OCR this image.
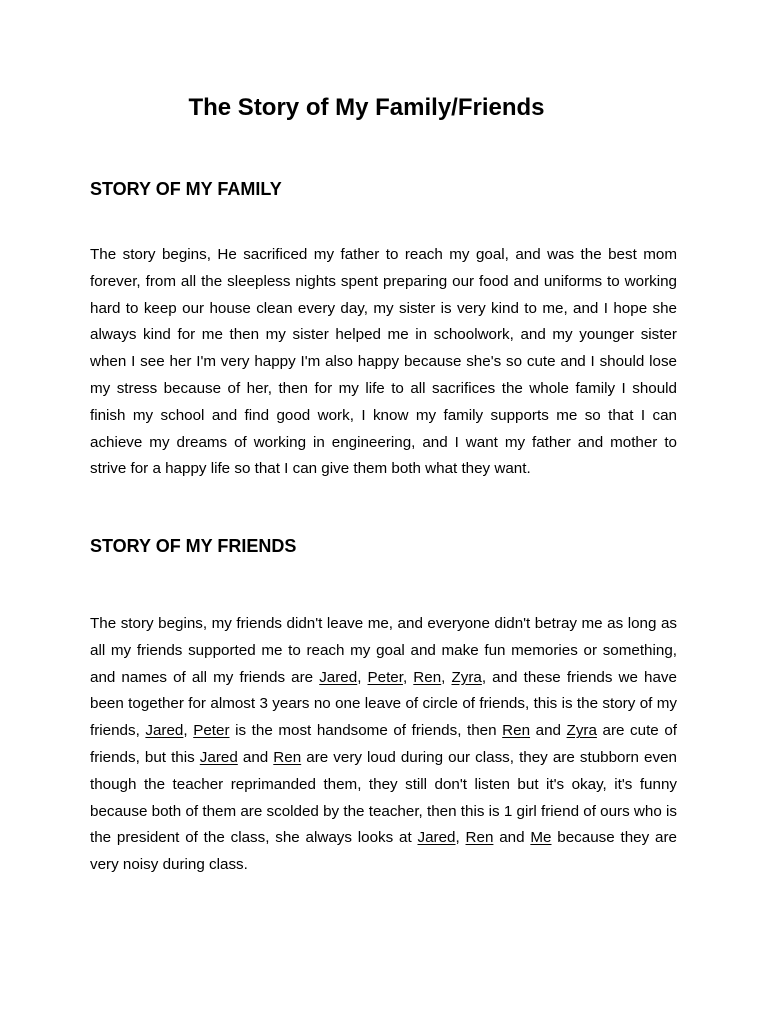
The Story of My Family/Friends
STORY OF MY FAMILY

The story begins, He sacrificed my father to reach my goal, and was the best mom forever, from all the sleepless nights spent preparing our food and uniforms to working hard to keep our house clean every day, my sister is very kind to me, and I hope she always kind for me then my sister helped me in schoolwork, and my younger sister when I see her I'm very happy I'm also happy because she's so cute and I should lose my stress because of her, then for my life to all sacrifices the whole family I should finish my school and find good work, I know my family supports me so that I can achieve my dreams of working in engineering, and I want my father and mother to strive for a happy life so that I can give them both what they want.

STORY OF MY FRIENDS

The story begins, my friends didn't leave me, and everyone didn't betray me as long as all my friends supported me to reach my goal and make fun memories or something, and names of all my friends are Jared, Peter, Ren, Zyra, and these friends we have been together for almost 3 years no one leave of circle of friends, this is the story of my friends, Jared, Peter is the most handsome of friends, then Ren and Zyra are cute of friends, but this Jared and Ren are very loud during our class, they are stubborn even though the teacher reprimanded them, they still don't listen but it's okay, it's funny because both of them are scolded by the teacher, then this is 1 girl friend of ours who is the president of the class, she always looks at Jared, Ren and Me because they are very noisy during class.
